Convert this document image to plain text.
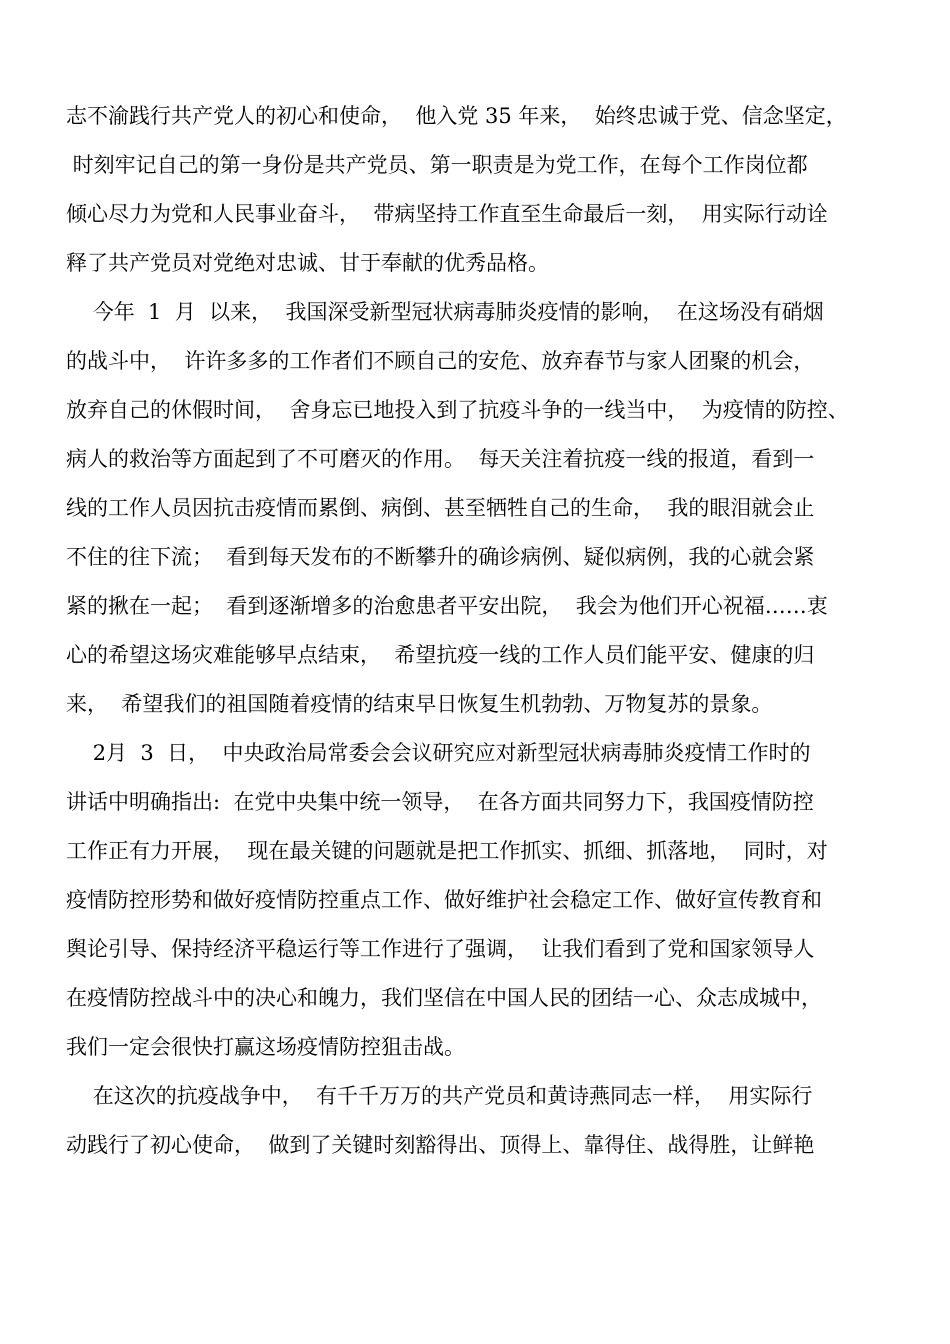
志不渝践行共产党人的初心和使命，  他入党 35 年来，  始终忠诚于党、信念坚定，
时刻牢记自己的第一身份是共产党员、第一职责是为党工作，在每个工作岗位都
倾心尽力为党和人民事业奋斗，  带病坚持工作直至生命最后一刻，  用实际行动诠
释了共产党员对党绝对忠诚、甘于奉献的优秀品格。
今年  1  月  以来，  我国深受新型冠状病毒肺炎疫情的影响，  在这场没有硝烟
的战斗中，  许许多多的工作者们不顾自己的安危、放弃春节与家人团聚的机会，
放弃自己的休假时间，  舍身忘已地投入到了抗疫斗争的一线当中，  为疫情的防控、
病人的救治等方面起到了不可磨灭的作用。  每天关注着抗疫一线的报道，看到一
线的工作人员因抗击疫情而累倒、病倒、甚至牺牲自己的生命，  我的眼泪就会止
不住的往下流；  看到每天发布的不断攀升的确诊病例、疑似病例，我的心就会紧
紧的揪在一起；  看到逐渐增多的治愈患者平安出院，  我会为他们开心祝福……衷
心的希望这场灾难能够早点结束，  希望抗疫一线的工作人员们能平安、健康的归
来，  希望我们的祖国随着疫情的结束早日恢复生机勃勃、万物复苏的景象。
2月  3  日，  中央政治局常委会会议研究应对新型冠状病毒肺炎疫情工作时的
讲话中明确指出:  在党中央集中统一领导，  在各方面共同努力下，我国疫情防控
工作正有力开展，  现在最关键的问题就是把工作抓实、抓细、抓落地，  同时，对
疫情防控形势和做好疫情防控重点工作、做好维护社会稳定工作、做好宣传教育和
舆论引导、保持经济平稳运行等工作进行了强调，  让我们看到了党和国家领导人
在疫情防控战斗中的决心和魄力，我们坚信在中国人民的团结一心、众志成城中，
我们一定会很快打赢这场疫情防控狙击战。
在这次的抗疫战争中，  有千千万万的共产党员和黄诗燕同志一样，  用实际行
动践行了初心使命，  做到了关键时刻豁得出、顶得上、靠得住、战得胜，让鲜艳
